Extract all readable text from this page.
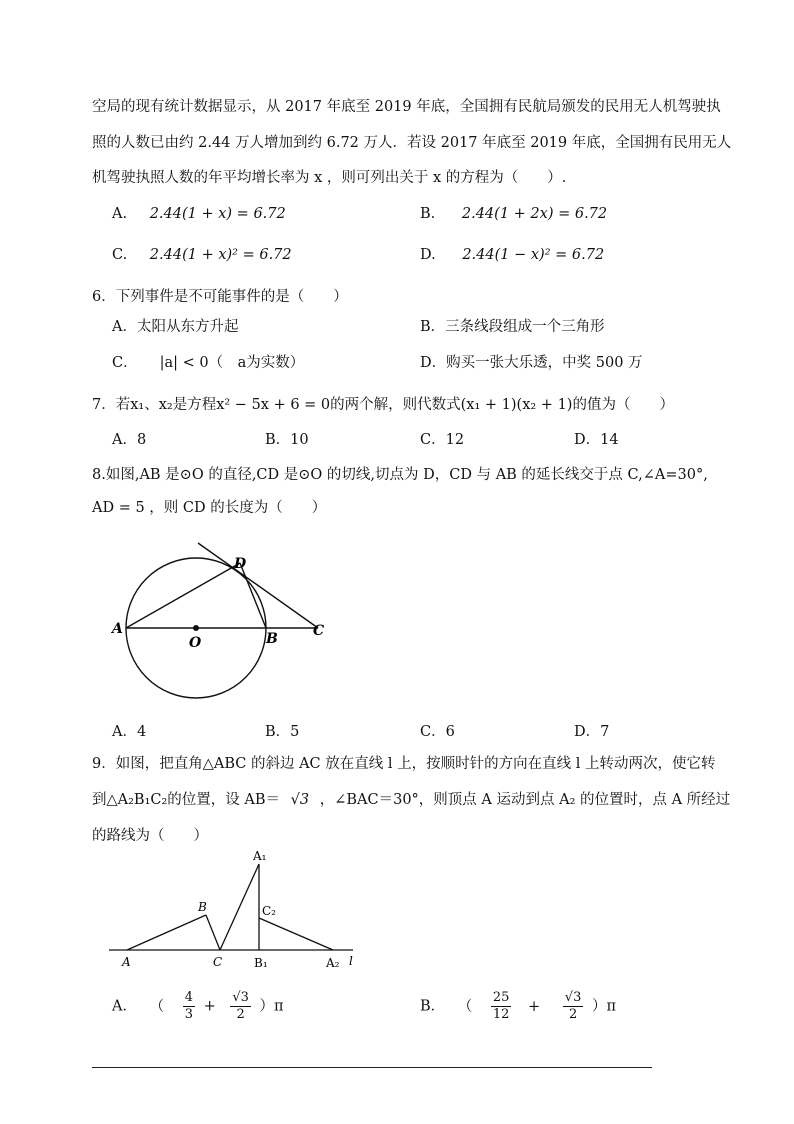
空局的现有统计数据显示，从 2017 年底至 2019 年底，全国拥有民航局颁发的民用无人机驾驶执
照的人数已由约 2.44 万人增加到约 6.72 万人．若设 2017 年底至 2019 年底，全国拥有民用无人
机驾驶执照人数的年平均增长率为 x ，则可列出关于 x 的方程为（　　）.
A. 2.44(1 + x) = 6.72	B. 2.44(1 + 2x) = 6.72
C. 2.44(1 + x)² = 6.72	D. 2.44(1 − x)² = 6.72
6．下列事件是不可能事件的是（　　）
A．太阳从东方升起	B．三条线段组成一个三角形
C． |a| < 0（　a为实数）	D．购买一张大乐透，中奖 500 万
7．若x₁、x₂是方程x² − 5x + 6 = 0的两个解，则代数式(x₁ + 1)(x₂ + 1)的值为（　　）
A．8	B．10	C．12	D．14
8.如图,AB 是⊙O 的直径,CD 是⊙O 的切线,切点为 D，CD 与 AB 的延长线交于点 C,∠A=30°,
AD = 5 ，则 CD 的长度为（　　）
A
O	B	C
D
A．4	B．5	C．6	D．7
9．如图，把直角△ABC 的斜边 AC 放在直线 l 上，按顺时针的方向在直线 l 上转动两次，使它转
到△A₂B₁C₂的位置，设 AB＝ √3 ，∠BAC＝30°，则顶点 A 运动到点 A₂ 的位置时，点 A 所经过
的路线为（　　）
A
B
C
A₁
C₂
B₁	A₂ l
A． （ $\frac{4}{3} + \frac{√3}{2} )\pi$	B． （ $\frac{25}{12} + \frac{√3}{2} )\pi$
